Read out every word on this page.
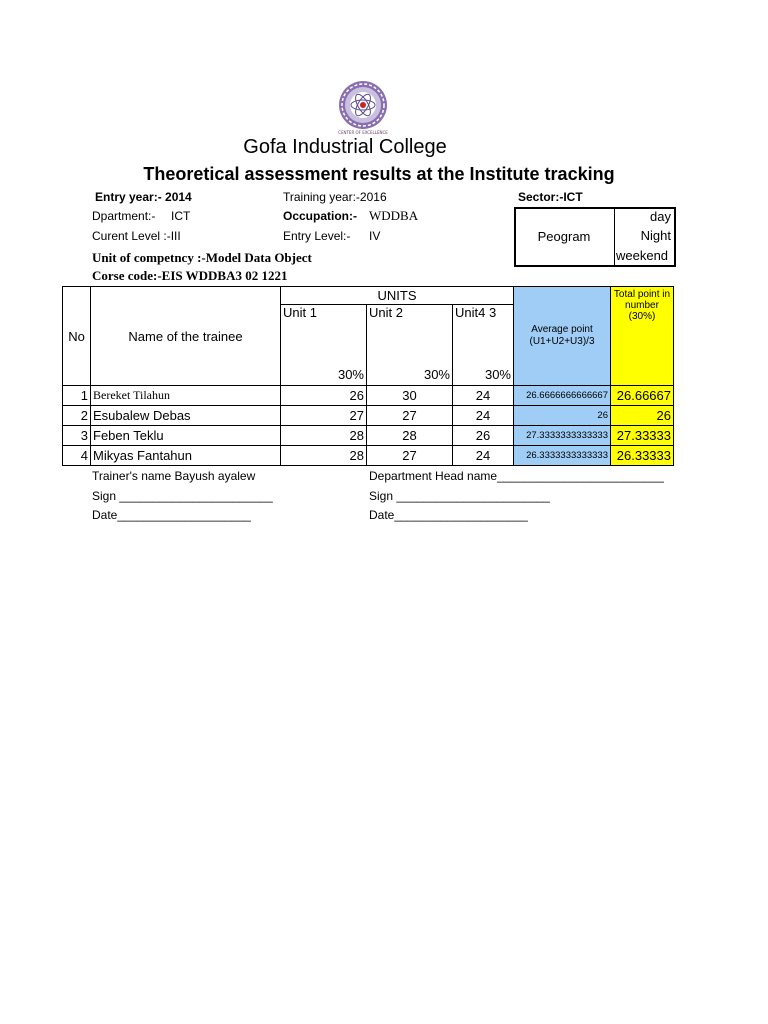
CENTER OF EXCELLENCE
Gofa Industrial College
Theoretical assessment results at the Institute tracking
Entry year:- 2014	Training year:-2016	Sector:-ICT
Dpartment:- ICT	Occupation:- WDDBA
Curent Level :-III	Entry Level:- IV
Unit of competncy :-Model Data Object
Corse code:-EIS WDDBA3 02 1221
Peogram
day
Night
weekend
No	Name of the trainee	UNITS			Average point (U1+U2+U3)/3	Total point in number (30%)
		Unit 1	Unit 2	Unit4 3		
		30%	30%	30%		
1	Bereket Tilahun	26	30	24	26.6666666666667	26.66667
2	Esubalew Debas	27	27	24	26	26
3	Feben Teklu	28	28	26	27.3333333333333	27.33333
4	Mikyas Fantahun	28	27	24	26.3333333333333	26.33333
Trainer's name Bayush ayalew	Department Head name_________________________
Sign _______________________	Sign _______________________
Date____________________	Date____________________
